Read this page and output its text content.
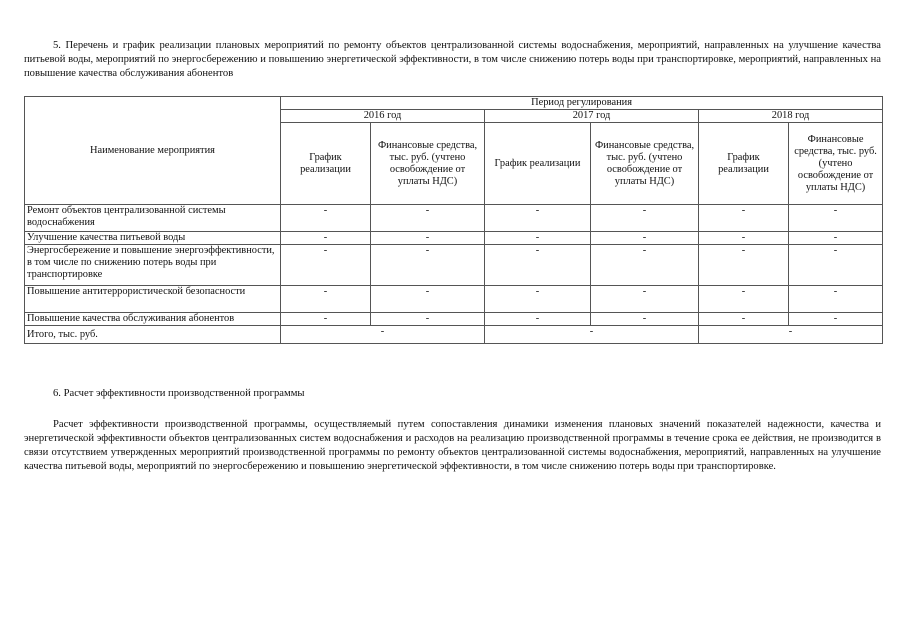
5. Перечень и график реализации плановых мероприятий по ремонту объектов централизованной системы водоснабжения, мероприятий, направленных на улучшение качества питьевой воды, мероприятий по энергосбережению и повышению энергетической эффективности, в том числе снижению потерь воды при транспортировке, мероприятий, направленных на повышение качества обслуживания абонентов
Наименование мероприятия	Период регулирования					
	2016 год		2017 год		2018 год	
	График реализации	Финансовые средства, тыс. руб. (учтено освобождение от уплаты НДС)	График реализации	Финансовые средства, тыс. руб. (учтено освобождение от уплаты НДС)	График реализации	Финансовые средства, тыс. руб. (учтено освобождение от уплаты НДС)
Ремонт объектов централизованной системы водоснабжения	-	-	-	-	-	-
Улучшение качества питьевой воды	-	-	-	-	-	-
Энергосбережение и повышение энергоэффективности, в том числе по снижению потерь воды при транспортировке	-	-	-	-	-	-
Повышение антитеррористической безопасности	-	-	-	-	-	-
Повышение качества обслуживания абонентов	-	-	-	-	-	-
Итого, тыс. руб.	-		-		-	
6. Расчет эффективности производственной программы
Расчет эффективности производственной программы, осуществляемый путем сопоставления динамики изменения плановых значений показателей надежности, качества и энергетической эффективности объектов централизованных систем водоснабжения и расходов на реализацию производственной программы в течение срока ее действия, не производится в связи отсутствием утвержденных мероприятий производственной программы по ремонту объектов централизованной системы водоснабжения, мероприятий, направленных на улучшение качества питьевой воды, мероприятий по энергосбережению и повышению энергетической эффективности, в том числе снижению потерь воды при транспортировке.
